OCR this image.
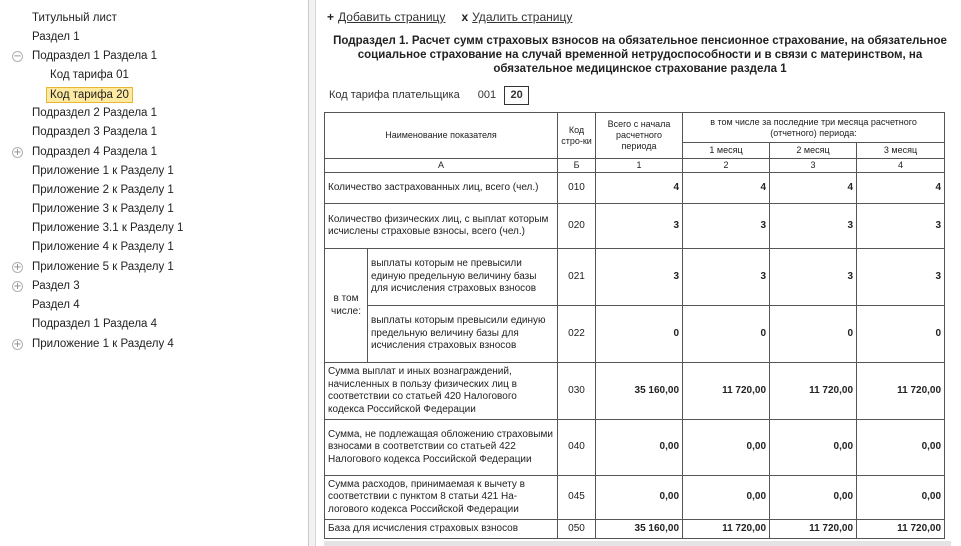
Титульный лист
Раздел 1
− Подраздел 1 Раздела 1
Код тарифа 01
Код тарифа 20
Подраздел 2 Раздела 1
Подраздел 3 Раздела 1
+ Подраздел 4 Раздела 1
Приложение 1 к Разделу 1
Приложение 2 к Разделу 1
Приложение 3 к Разделу 1
Приложение 3.1 к Разделу 1
Приложение 4 к Разделу 1
+ Приложение 5 к Разделу 1
+ Раздел 3
Раздел 4
Подраздел 1 Раздела 4
+ Приложение 1 к Разделу 4
+ Добавить страницу x Удалить страницу
Подраздел 1. Расчет сумм страховых взносов на обязательное пенсионное страхование, на обязательное
социальное страхование на случай временной нетрудоспособности и в связи с материнством, на
обязательное медицинское страхование раздела 1
Код тарифа плательщика 001	20
Наименование показателя		Код стро-ки	Всего с начала расчетного периода	в том числе за последние три месяца расчетного (отчетного) периода:		
				1 месяц	2 месяц	3 месяц
А		Б	1	2	3	4
Количество застрахованных лиц, всего (чел.)		010	4	4	4	4
Количество физических лиц, с выплат которым исчислены страховые взносы, всего (чел.)		020	3	3	3	3
в том числе:	выплаты которым не превысили единую предельную величину базы для исчисления страховых взносов	021	3	3	3	3
	выплаты которым превысили единую предельную величину базы для исчисления страховых взносов	022	0	0	0	0
Сумма выплат и иных вознаграждений, начисленных в пользу физических лиц в соответствии со статьей 420 Налогового кодекса Российской Федерации		030	35 160,00	11 720,00	11 720,00	11 720,00
Сумма, не подлежащая обложению страховыми взносами в соответствии со статьей 422 Налогового кодекса Российской Федерации		040	0,00	0,00	0,00	0,00
Сумма расходов, принимаемая к вычету в соответствии с пунктом 8 статьи 421 На-логового кодекса Российской Федерации		045	0,00	0,00	0,00	0,00
База для исчисления страховых взносов		050	35 160,00	11 720,00	11 720,00	11 720,00
